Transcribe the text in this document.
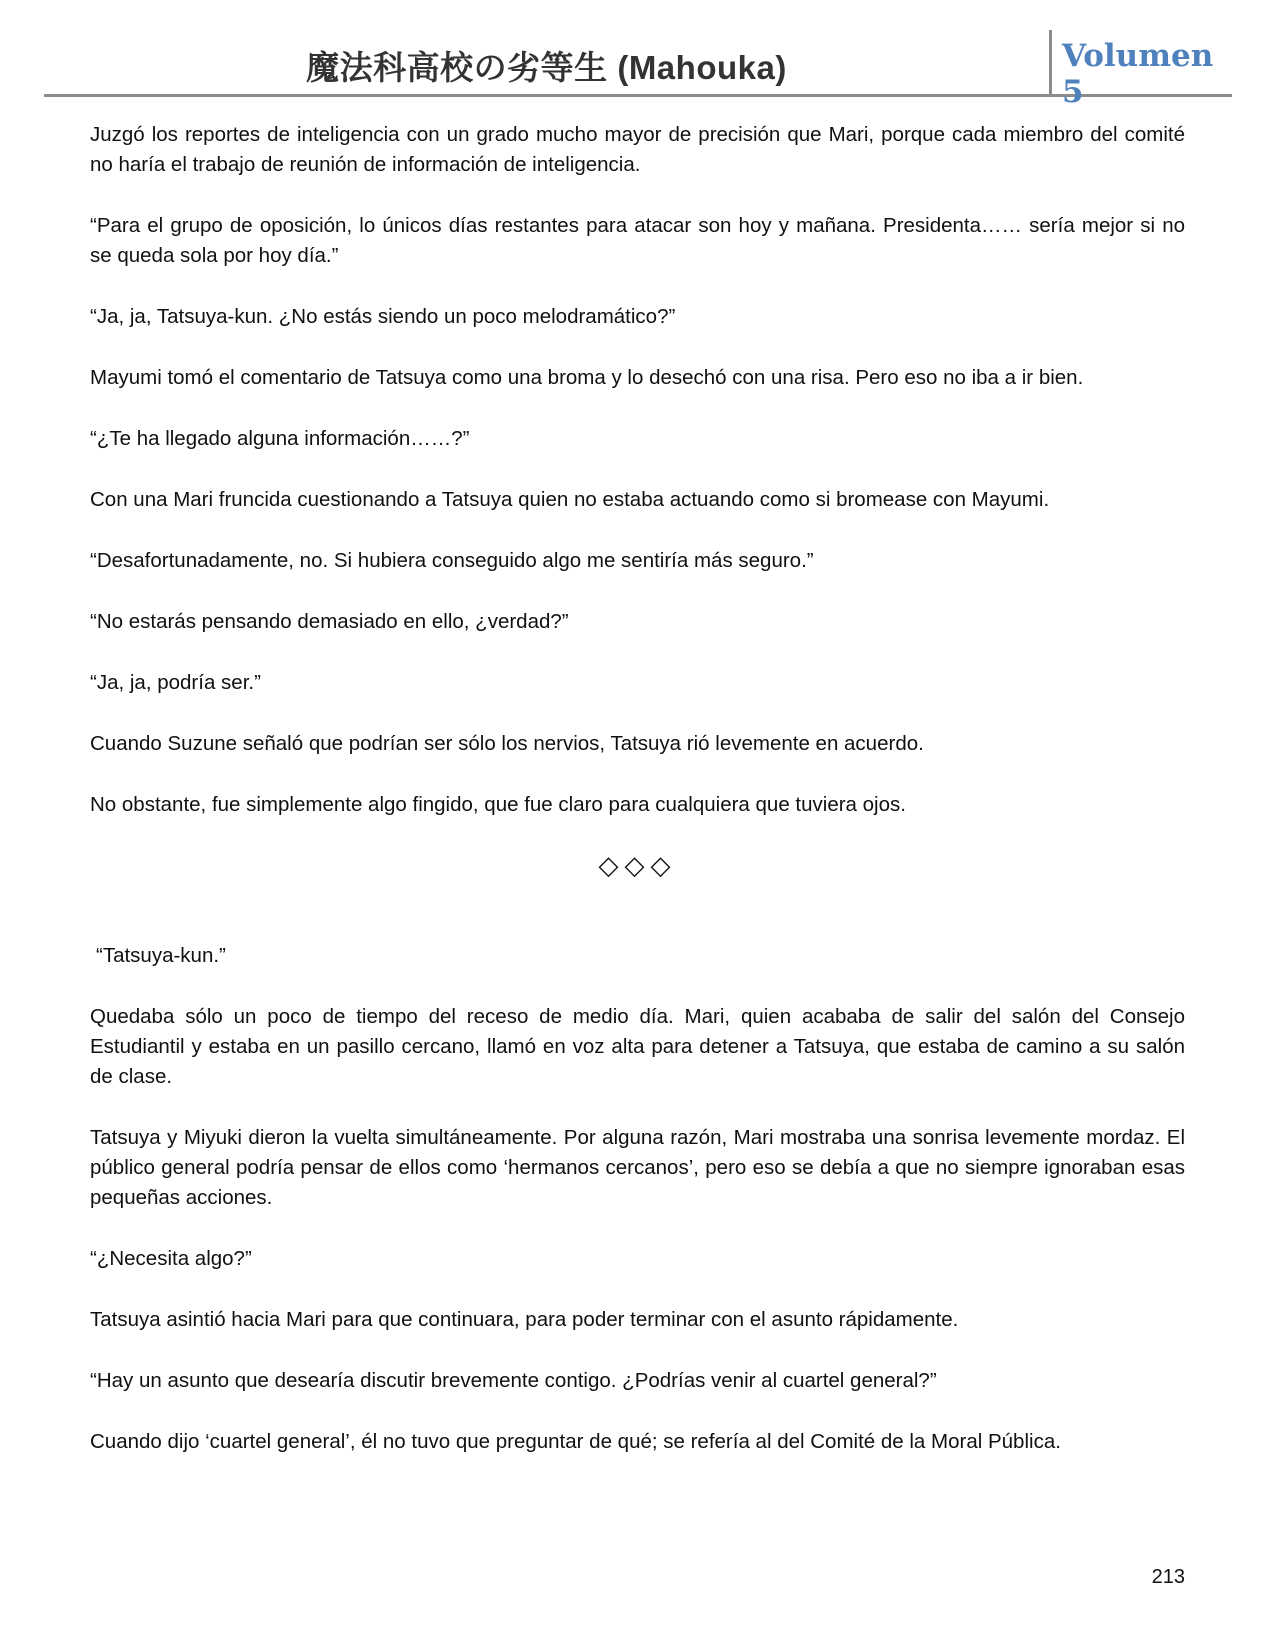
魔法科高校の劣等生 (Mahouka)	Volumen 5

Juzgó los reportes de inteligencia con un grado mucho mayor de precisión que Mari, porque cada miembro del comité no haría el trabajo de reunión de información de inteligencia.

“Para el grupo de oposición, lo únicos días restantes para atacar son hoy y mañana. Presidenta…… sería mejor si no se queda sola por hoy día.”

“Ja, ja, Tatsuya-kun. ¿No estás siendo un poco melodramático?”

Mayumi tomó el comentario de Tatsuya como una broma y lo desechó con una risa. Pero eso no iba a ir bien.

“¿Te ha llegado alguna información……?”

Con una Mari fruncida cuestionando a Tatsuya quien no estaba actuando como si bromease con Mayumi.

“Desafortunadamente, no. Si hubiera conseguido algo me sentiría más seguro.”

“No estarás pensando demasiado en ello, ¿verdad?”

“Ja, ja, podría ser.”

Cuando Suzune señaló que podrían ser sólo los nervios, Tatsuya rió levemente en acuerdo.

No obstante, fue simplemente algo fingido, que fue claro para cualquiera que tuviera ojos.

◇◇◇

“Tatsuya-kun.”

Quedaba sólo un poco de tiempo del receso de medio día. Mari, quien acababa de salir del salón del Consejo Estudiantil y estaba en un pasillo cercano, llamó en voz alta para detener a Tatsuya, que estaba de camino a su salón de clase.

Tatsuya y Miyuki dieron la vuelta simultáneamente. Por alguna razón, Mari mostraba una sonrisa levemente mordaz. El público general podría pensar de ellos como ‘hermanos cercanos’, pero eso se debía a que no siempre ignoraban esas pequeñas acciones.

“¿Necesita algo?”

Tatsuya asintió hacia Mari para que continuara, para poder terminar con el asunto rápidamente.

“Hay un asunto que desearía discutir brevemente contigo. ¿Podrías venir al cuartel general?”

Cuando dijo ‘cuartel general’, él no tuvo que preguntar de qué; se refería al del Comité de la Moral Pública.

213
